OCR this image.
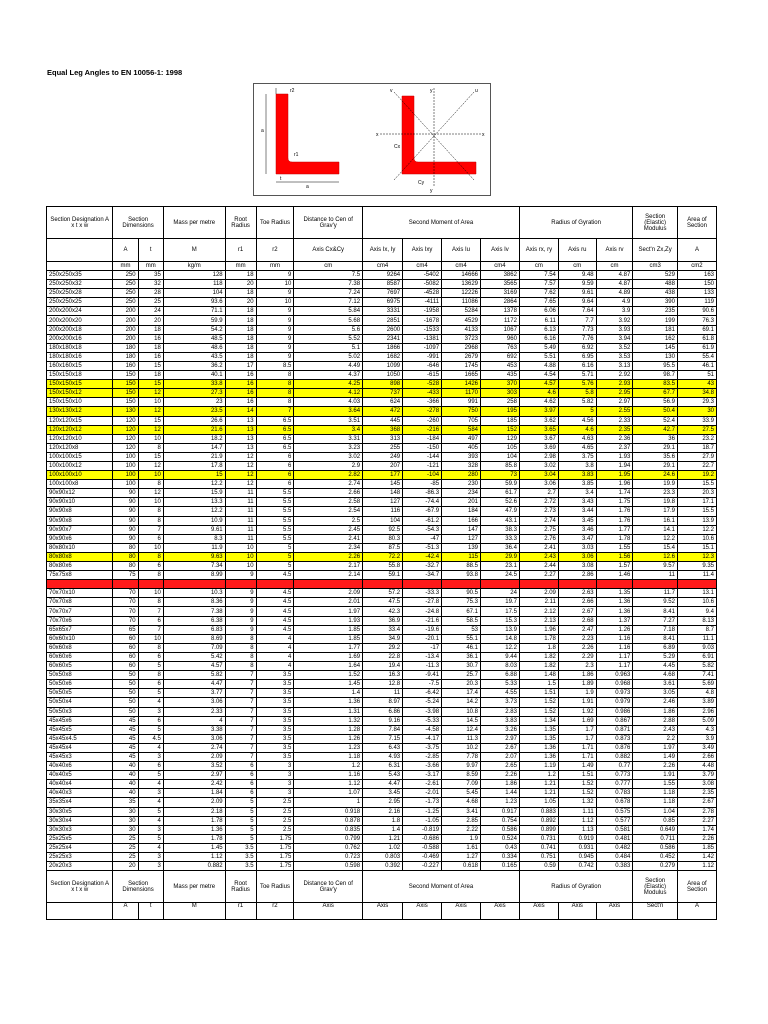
Equal Leg Angles to EN 10056-1: 1998
a
a
r2
r1
t
y
y
x	x
u
v
Cx
Cy
Section Designation A x t x w	Section Dimensions		Mass per metre	Root Radius	Toe Radius	Distance to Cen of Grav'y	Second Moment of Area				Radius of Gyration			Section (Elastic) Modulus	Area of Section
	A	t	M	r1	r2	Axis Cx&Cy	Axis Ix, Iy	Axis Ixy	Axis Iu	Axis Iv	Axis rx, ry	Axis ru	Axis rv	Sect'n Zx,Zy	A
	mm	mm	kg/m	mm	mm	cm	cm4	cm4	cm4	cm4	cm	cm	cm	cm3	cm2
250x250x35	250	35	128	18	9	7.5	9264	-5402	14666	3862	7.54	9.48	4.87	529	163
250x250x32	250	32	118	20	10	7.38	8587	-5082	13629	3565	7.57	9.59	4.87	488	150
250x250x28	250	28	104	18	9	7.24	7697	-4528	12226	3169	7.62	9.61	4.89	438	133
250x250x25	250	25	93.6	20	10	7.12	6975	-4111	11086	2864	7.65	9.64	4.9	390	119
200x200x24	200	24	71.1	18	9	5.84	3331	-1958	5284	1378	6.06	7.64	3.9	235	90.6
200x200x20	200	20	59.9	18	9	5.68	2851	-1678	4529	1172	6.11	7.7	3.92	199	76.3
200x200x18	200	18	54.2	18	9	5.6	2600	-1533	4133	1067	6.13	7.73	3.93	181	69.1
200x200x16	200	16	48.5	18	9	5.52	2341	-1381	3723	960	6.16	7.76	3.94	162	61.8
180x180x18	180	18	48.6	18	9	5.1	1866	-1097	2968	763	5.49	6.92	3.52	145	61.9
180x180x16	180	16	43.5	18	9	5.02	1682	-991	2679	692	5.51	6.95	3.53	130	55.4
160x160x15	160	15	36.2	17	8.5	4.49	1099	-646	1745	453	4.88	6.16	3.13	95.5	46.1
150x150x18	150	18	40.1	16	8	4.37	1050	-615	1665	435	4.54	5.71	2.92	98.7	51
150x150x15	150	15	33.8	16	8	4.25	898	-528	1426	370	4.57	5.76	2.93	83.5	43
150x150x12	150	12	27.3	16	8	4.12	737	-433	1170	303	4.6	5.8	2.95	67.7	34.8
150x150x10	150	10	23	16	8	4.03	624	-366	991	258	4.62	5.82	2.97	56.9	29.3
130x130x12	130	12	23.5	14	7	3.64	472	-278	750	195	3.97	5	2.55	50.4	30
120x120x15	120	15	26.6	13	6.5	3.51	445	-260	705	185	3.62	4.56	2.33	52.4	33.9
120x120x12	120	12	21.6	13	6.5	3.4	368	-216	584	152	3.65	4.6	2.35	42.7	27.5
120x120x10	120	10	18.2	13	6.5	3.31	313	-184	497	129	3.67	4.63	2.36	36	23.2
120x120x8	120	8	14.7	13	6.5	3.23	255	-150	405	105	3.69	4.65	2.37	29.1	18.7
100x100x15	100	15	21.9	12	6	3.02	249	-144	393	104	2.98	3.75	1.93	35.6	27.9
100x100x12	100	12	17.8	12	6	2.9	207	-121	328	85.8	3.02	3.8	1.94	29.1	22.7
100x100x10	100	10	15	12	6	2.82	177	-104	280	73	3.04	3.83	1.95	24.6	19.2
100x100x8	100	8	12.2	12	6	2.74	145	-85	230	59.9	3.06	3.85	1.96	19.9	15.5
90x90x12	90	12	15.9	11	5.5	2.66	148	-86.3	234	61.7	2.7	3.4	1.74	23.3	20.3
90x90x10	90	10	13.3	11	5.5	2.58	127	-74.4	201	52.6	2.72	3.43	1.75	19.8	17.1
90x90x8	90	8	12.2	11	5.5	2.54	116	-67.9	184	47.9	2.73	3.44	1.76	17.9	15.5
90x90x8	90	8	10.9	11	5.5	2.5	104	-61.2	166	43.1	2.74	3.45	1.76	16.1	13.9
90x90x7	90	7	9.61	11	5.5	2.45	92.5	-54.3	147	38.3	2.75	3.46	1.77	14.1	12.2
90x90x6	90	6	8.3	11	5.5	2.41	80.3	-47	127	33.3	2.76	3.47	1.78	12.2	10.6
80x80x10	80	10	11.9	10	5	2.34	87.5	-51.3	139	36.4	2.41	3.03	1.55	15.4	15.1
80x80x8	80	8	9.63	10	5	2.26	72.2	-42.4	115	29.9	2.43	3.06	1.56	12.6	12.3
80x80x6	80	6	7.34	10	5	2.17	55.8	-32.7	88.5	23.1	2.44	3.08	1.57	9.57	9.35
75x75x8	75	8	8.99	9	4.5	2.14	59.1	-34.7	93.8	24.5	2.27	2.86	1.46	11	11.4
75x75x6	75	6	6.85	9	4.5	2.05	45.8	-26.9	72.7	18.9	2.29	2.89	1.47	8.41	8.73
70x70x10	70	10	10.3	9	4.5	2.09	57.2	-33.3	90.5	24	2.09	2.63	1.35	11.7	13.1
70x70x8	70	8	8.36	9	4.5	2.01	47.5	-27.8	75.3	19.7	2.11	2.66	1.36	9.52	10.6
70x70x7	70	7	7.38	9	4.5	1.97	42.3	-24.8	67.1	17.5	2.12	2.67	1.36	8.41	9.4
70x70x6	70	6	6.38	9	4.5	1.93	36.9	-21.6	58.5	15.3	2.13	2.68	1.37	7.27	8.13
65x65x7	65	7	6.83	9	4.5	1.85	33.4	-19.6	53	13.9	1.96	2.47	1.26	7.18	8.7
60x60x10	60	10	8.69	8	4	1.85	34.9	-20.1	55.1	14.8	1.78	2.23	1.16	8.41	11.1
60x60x8	60	8	7.09	8	4	1.77	29.2	-17	46.1	12.2	1.8	2.26	1.16	6.89	9.03
60x60x6	60	6	5.42	8	4	1.69	22.8	-13.4	36.1	9.44	1.82	2.29	1.17	5.29	6.91
60x60x5	60	5	4.57	8	4	1.64	19.4	-11.3	30.7	8.03	1.82	2.3	1.17	4.45	5.82
50x50x8	50	8	5.82	7	3.5	1.52	16.3	-9.41	25.7	6.88	1.48	1.86	0.963	4.68	7.41
50x50x6	50	6	4.47	7	3.5	1.45	12.8	-7.5	20.3	5.33	1.5	1.89	0.968	3.61	5.69
50x50x5	50	5	3.77	7	3.5	1.4	11	-6.42	17.4	4.55	1.51	1.9	0.973	3.05	4.8
50x50x4	50	4	3.06	7	3.5	1.36	8.97	-5.24	14.2	3.73	1.52	1.91	0.979	2.46	3.89
50x50x3	50	3	2.33	7	3.5	1.31	6.86	-3.98	10.8	2.83	1.52	1.92	0.986	1.86	2.96
45x45x6	45	6	4	7	3.5	1.32	9.16	-5.33	14.5	3.83	1.34	1.69	0.867	2.88	5.09
45x45x5	45	5	3.38	7	3.5	1.28	7.84	-4.58	12.4	3.26	1.35	1.7	0.871	2.43	4.3
45x45x4.5	45	4.5	3.06	7	3.5	1.26	7.15	-4.17	11.3	2.97	1.35	1.7	0.873	2.2	3.9
45x45x4	45	4	2.74	7	3.5	1.23	6.43	-3.75	10.2	2.67	1.36	1.71	0.876	1.97	3.49
45x45x3	45	3	2.09	7	3.5	1.18	4.93	-2.85	7.78	2.07	1.36	1.71	0.882	1.49	2.66
40x40x6	40	6	3.52	6	3	1.2	6.31	-3.66	9.97	2.65	1.19	1.49	0.77	2.26	4.48
40x40x5	40	5	2.97	6	3	1.16	5.43	-3.17	8.59	2.26	1.2	1.51	0.773	1.91	3.79
40x40x4	40	4	2.42	6	3	1.12	4.47	-2.61	7.09	1.86	1.21	1.52	0.777	1.55	3.08
40x40x3	40	3	1.84	6	3	1.07	3.45	-2.01	5.45	1.44	1.21	1.52	0.783	1.18	2.35
35x35x4	35	4	2.09	5	2.5	1	2.95	-1.73	4.68	1.23	1.05	1.32	0.678	1.18	2.67
30x30x5	30	5	2.18	5	2.5	0.918	2.16	-1.25	3.41	0.917	0.883	1.11	0.575	1.04	2.78
30x30x4	30	4	1.78	5	2.5	0.878	1.8	-1.05	2.85	0.754	0.892	1.12	0.577	0.85	2.27
30x30x3	30	3	1.36	5	2.5	0.835	1.4	-0.819	2.22	0.586	0.899	1.13	0.581	0.649	1.74
25x25x5	25	5	1.78	5	1.75	0.799	1.21	-0.686	1.9	0.524	0.731	0.919	0.481	0.711	2.26
25x25x4	25	4	1.45	3.5	1.75	0.762	1.02	-0.588	1.61	0.43	0.741	0.931	0.482	0.586	1.85
25x25x3	25	3	1.12	3.5	1.75	0.723	0.803	-0.469	1.27	0.334	0.751	0.945	0.484	0.452	1.42
20x20x3	20	3	0.882	3.5	1.75	0.598	0.392	-0.227	0.618	0.165	0.59	0.742	0.383	0.279	1.12
Section Designation A x t x w	Section Dimensions		Mass per metre	Root Radius	Toe Radius	Distance to Cen of Grav'y	Second Moment of Area				Radius of Gyration			Section (Elastic) Modulus	Area of Section
	A	t	M	r1	r2	Axis	Axis	Axis	Axis	Axis	Axis	Axis	Axis	Sect'n	A
